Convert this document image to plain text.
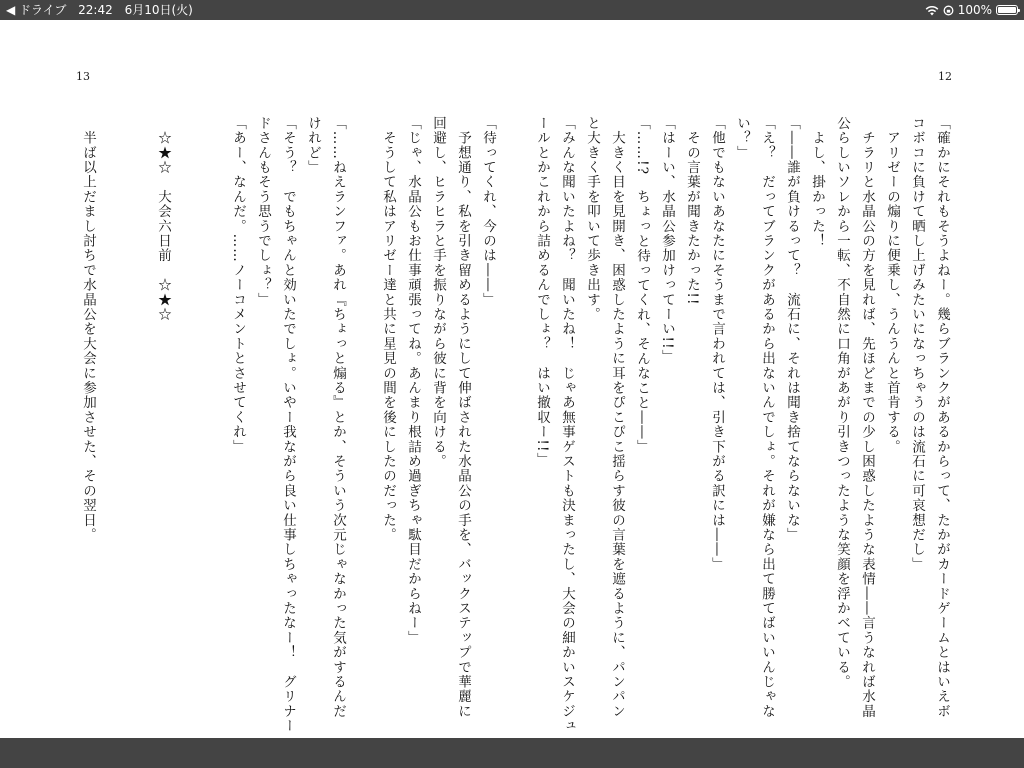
◀ ドライブ 22:42 6月10日(火)	100%
12
13
「確かにそれもそうよねー。幾らブランクがあるからって、たかがカードゲームとはいえボ
コボコに負けて晒し上げみたいになっちゃうのは流石に可哀想だし」
　アリゼーの煽りに便乗し、うんうんと首肯する。
　チラリと水晶公の方を見れば、先ほどまでの少し困惑したような表情――言うなれば水晶
公らしいソレから一転、不自然に口角があがり引きつったような笑顔を浮かべている。
　よし、掛かった！
「――誰が負けるって？　流石に、それは聞き捨てならないな」
「え？　だってブランクがあるから出ないんでしょ。それが嫌なら出て勝てばいいんじゃな
い？」
「他でもないあなたにそうまで言われては、引き下がる訳には――」
　その言葉が聞きたかった!!
「はーい、水晶公参加けってーい!!」
「……!?　ちょっと待ってくれ、そんなこと――」
　大きく目を見開き、困惑したように耳をぴこぴこ揺らす彼の言葉を遮るように、パンパン
と大きく手を叩いて歩き出す。
「みんな聞いたよね？　聞いたね！　じゃあ無事ゲストも決まったし、大会の細かいスケジュ
ールとかこれから詰めるんでしょ？　はい撤収ー!!」
「待ってくれ、今のは――」
　予想通り、私を引き留めるようにして伸ばされた水晶公の手を、バックステップで華麗に
回避し、ヒラヒラと手を振りながら彼に背を向ける。
「じゃ、水晶公もお仕事頑張ってね。あんまり根詰め過ぎちゃ駄目だからねー」
　そうして私はアリゼー達と共に星見の間を後にしたのだった。
「……ねえランファ。あれ『ちょっと煽る』とか、そういう次元じゃなかった気がするんだ
けれど」
「そう？　でもちゃんと効いたでしょ。いやー我ながら良い仕事しちゃったなー！　グリナー
ドさんもそう思うでしょ？」
「あー、なんだ。……ノーコメントとさせてくれ」
　☆★☆　大会六日前　☆★☆
　半ば以上だまし討ちで水晶公を大会に参加させた、その翌日。
